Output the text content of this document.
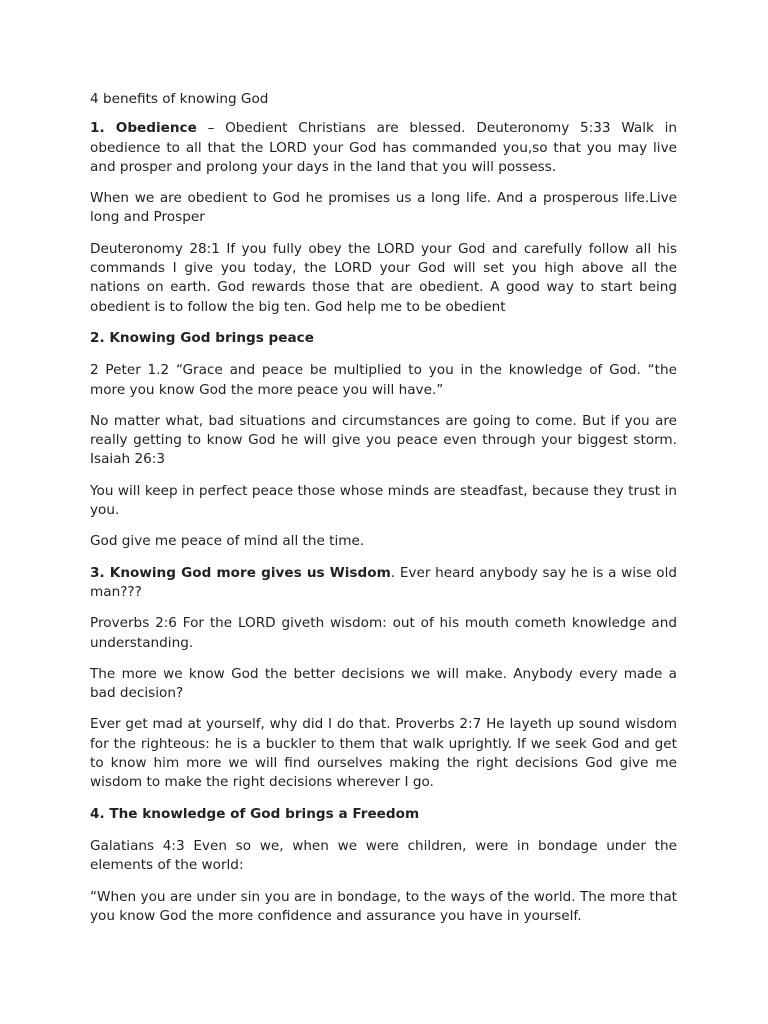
4 benefits of knowing God

1. Obedience – Obedient Christians are blessed. Deuteronomy 5:33 Walk in obedience to all that the LORD your God has commanded you,so that you may live and prosper and prolong your days in the land that you will possess.

When we are obedient to God he promises us a long life. And a prosperous life.Live long and Prosper

Deuteronomy 28:1 If you fully obey the LORD your God and carefully follow all his commands I give you today, the LORD your God will set you high above all the nations on earth. God rewards those that are obedient. A good way to start being obedient is to follow the big ten. God help me to be obedient

2. Knowing God brings peace

2 Peter 1.2 “Grace and peace be multiplied to you in the knowledge of God. “the more you know God the more peace you will have.”

No matter what, bad situations and circumstances are going to come. But if you are really getting to know God he will give you peace even through your biggest storm. Isaiah 26:3

You will keep in perfect peace those whose minds are steadfast, because they trust in you.

God give me peace of mind all the time.

3. Knowing God more gives us Wisdom. Ever heard anybody say he is a wise old man???

Proverbs 2:6 For the LORD giveth wisdom: out of his mouth cometh knowledge and understanding.

The more we know God the better decisions we will make. Anybody every made a bad decision?

Ever get mad at yourself, why did I do that. Proverbs 2:7 He layeth up sound wisdom for the righteous: he is a buckler to them that walk uprightly. If we seek God and get to know him more we will find ourselves making the right decisions God give me wisdom to make the right decisions wherever I go.

4. The knowledge of God brings a Freedom

Galatians 4:3 Even so we, when we were children, were in bondage under the elements of the world:

“When you are under sin you are in bondage, to the ways of the world. The more that you know God the more confidence and assurance you have in yourself.
